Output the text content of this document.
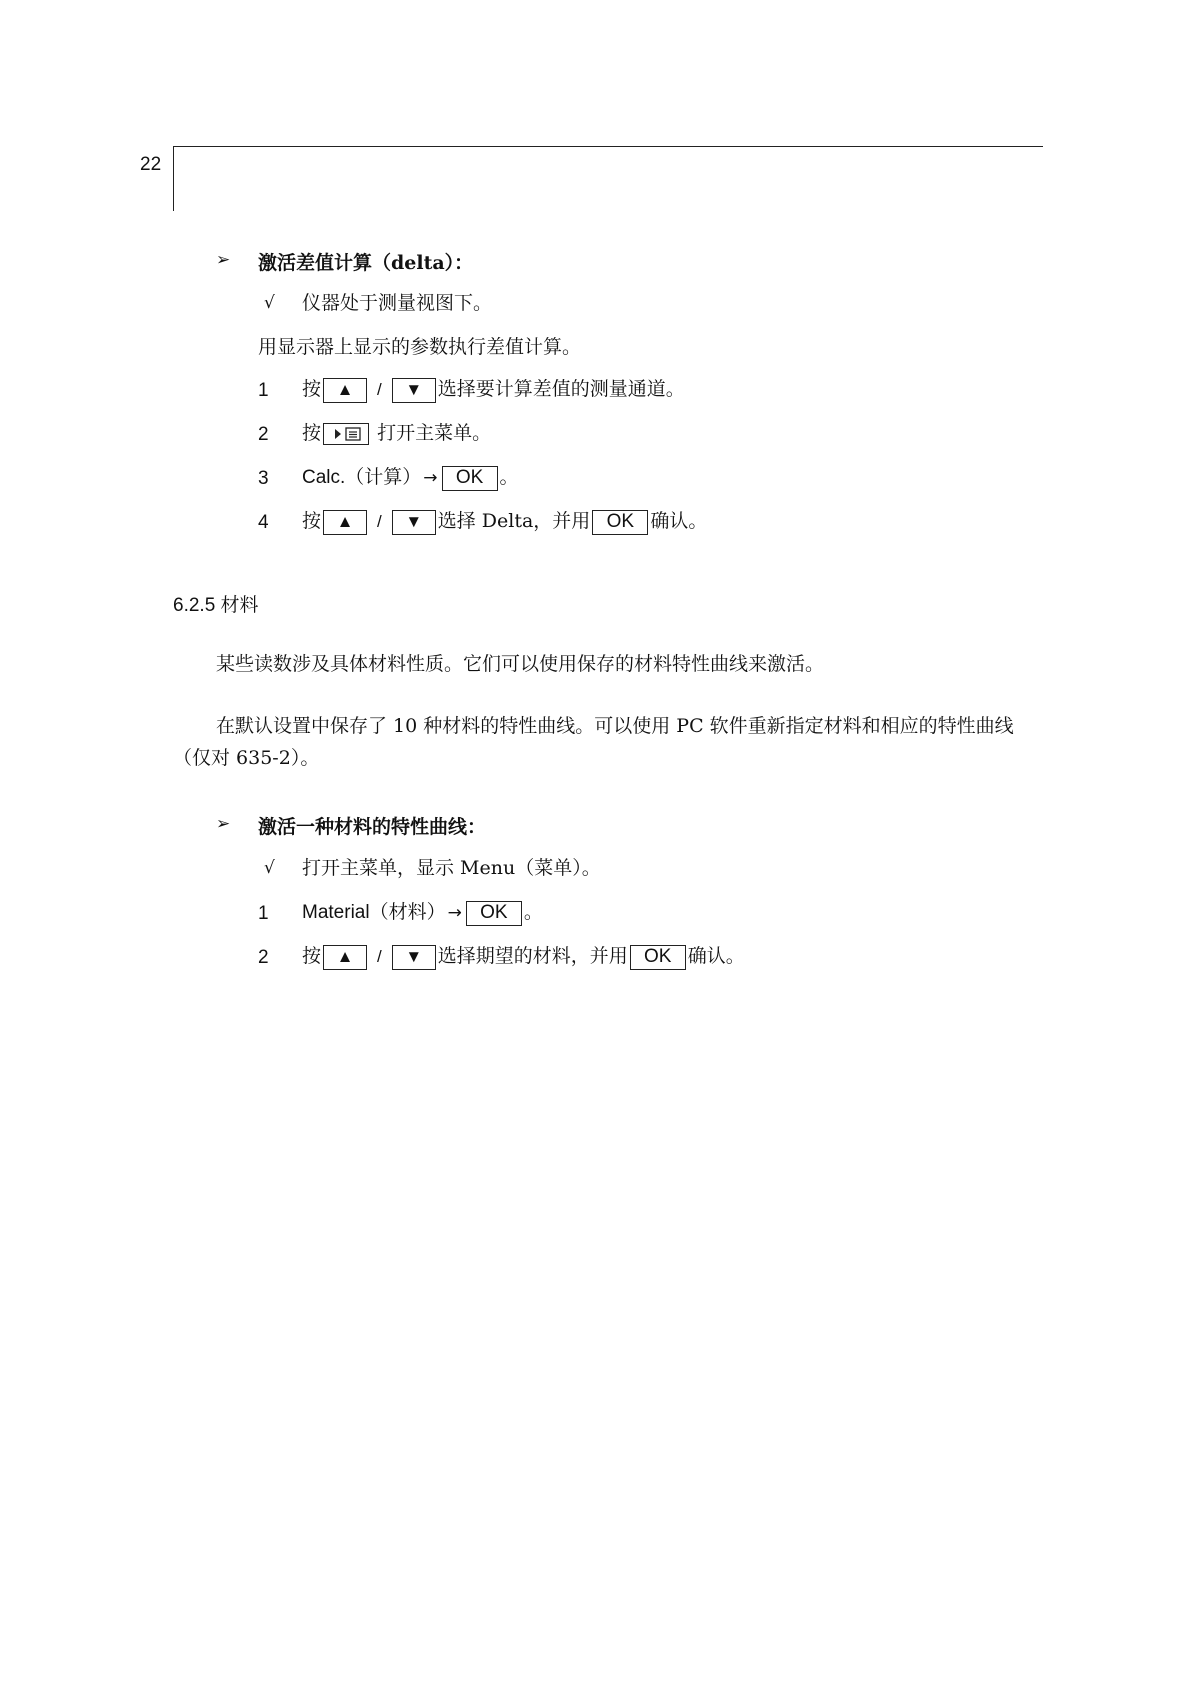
22
➢ 激活差值计算（delta）：
√ 仪器处于测量视图下。
用显示器上显示的参数执行差值计算。
1 按 ▲ / ▼ 选择要计算差值的测量通道。
2 按	打开主菜单。
3 Calc.（计算） → OK 。
4 按 ▲ / ▼ 选择 Delta，并用 OK 确认。
6.2.5 材料
某些读数涉及具体材料性质。它们可以使用保存的材料特性曲线来激活。
在默认设置中保存了 10 种材料的特性曲线。可以使用 PC 软件重新指定材料和相应的特性曲线（仅对 635-2）。
➢ 激活一种材料的特性曲线：
√ 打开主菜单，显示 Menu（菜单）。
1 Material（材料） → OK 。
2 按 ▲ / ▼ 选择期望的材料，并用 OK 确认。
